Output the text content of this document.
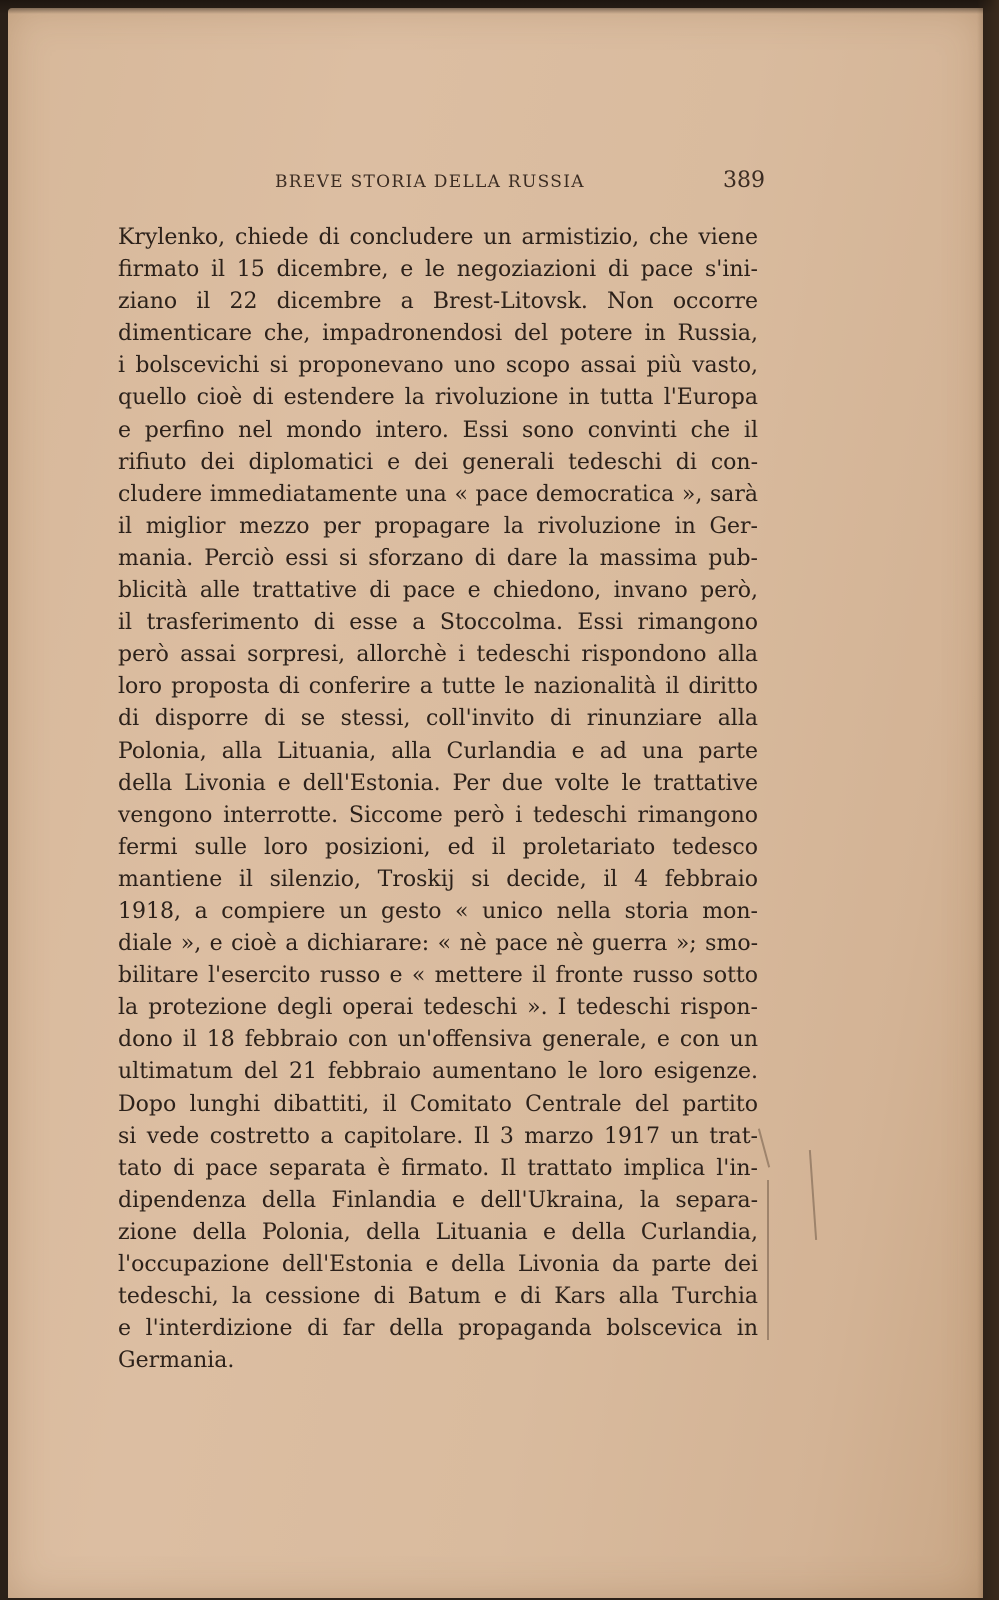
BREVE STORIA DELLA RUSSIA	389
Krylenko, chiede di concludere un armistizio, che viene
firmato il 15 dicembre, e le negoziazioni di pace s'ini-
ziano il 22 dicembre a Brest-Litovsk. Non occorre
dimenticare che, impadronendosi del potere in Russia,
i bolscevichi si proponevano uno scopo assai più vasto,
quello cioè di estendere la rivoluzione in tutta l'Europa
e perfino nel mondo intero. Essi sono convinti che il
rifiuto dei diplomatici e dei generali tedeschi di con-
cludere immediatamente una « pace democratica », sarà
il miglior mezzo per propagare la rivoluzione in Ger-
mania. Perciò essi si sforzano di dare la massima pub-
blicità alle trattative di pace e chiedono, invano però,
il trasferimento di esse a Stoccolma. Essi rimangono
però assai sorpresi, allorchè i tedeschi rispondono alla
loro proposta di conferire a tutte le nazionalità il diritto
di disporre di se stessi, coll'invito di rinunziare alla
Polonia, alla Lituania, alla Curlandia e ad una parte
della Livonia e dell'Estonia. Per due volte le trattative
vengono interrotte. Siccome però i tedeschi rimangono
fermi sulle loro posizioni, ed il proletariato tedesco
mantiene il silenzio, Troskij si decide, il 4 febbraio
1918, a compiere un gesto « unico nella storia mon-
diale », e cioè a dichiarare: « nè pace nè guerra »; smo-
bilitare l'esercito russo e « mettere il fronte russo sotto
la protezione degli operai tedeschi ». I tedeschi rispon-
dono il 18 febbraio con un'offensiva generale, e con un
ultimatum del 21 febbraio aumentano le loro esigenze.
Dopo lunghi dibattiti, il Comitato Centrale del partito
si vede costretto a capitolare. Il 3 marzo 1917 un trat-
tato di pace separata è firmato. Il trattato implica l'in-
dipendenza della Finlandia e dell'Ukraina, la separa-
zione della Polonia, della Lituania e della Curlandia,
l'occupazione dell'Estonia e della Livonia da parte dei
tedeschi, la cessione di Batum e di Kars alla Turchia
e l'interdizione di far della propaganda bolscevica in
Germania.
